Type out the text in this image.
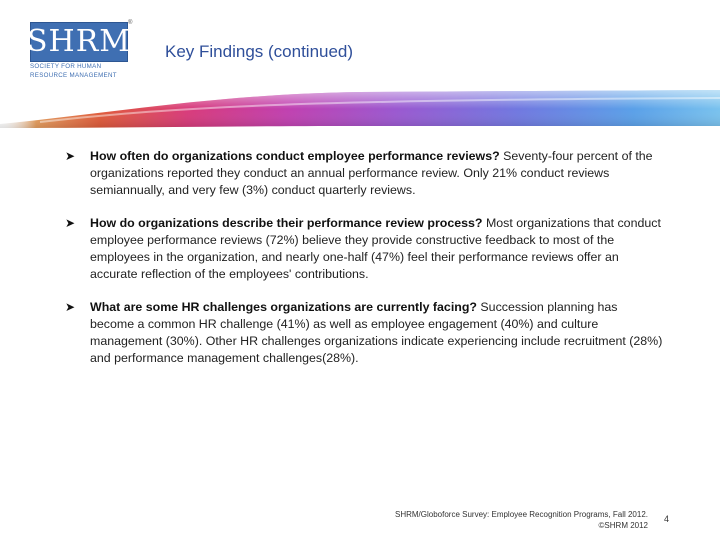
SHRM
®
SOCIETY FOR HUMAN
RESOURCE MANAGEMENT
Key Findings (continued)
➤ How often do organizations conduct employee performance reviews? Seventy-four percent of the organizations reported they conduct an annual performance review. Only 21% conduct reviews semiannually, and very few (3%) conduct quarterly reviews.
➤ How do organizations describe their performance review process? Most organizations that conduct employee performance reviews (72%) believe they provide constructive feedback to most of the employees in the organization, and nearly one-half (47%) feel their performance reviews offer an accurate reflection of the employees' contributions.
➤ What are some HR challenges organizations are currently facing? Succession planning has become a common HR challenge (41%) as well as employee engagement (40%) and culture management (30%). Other HR challenges organizations indicate experiencing include recruitment (28%) and performance management challenges(28%).
SHRM/Globoforce Survey: Employee Recognition Programs, Fall 2012.
©SHRM 2012
4
